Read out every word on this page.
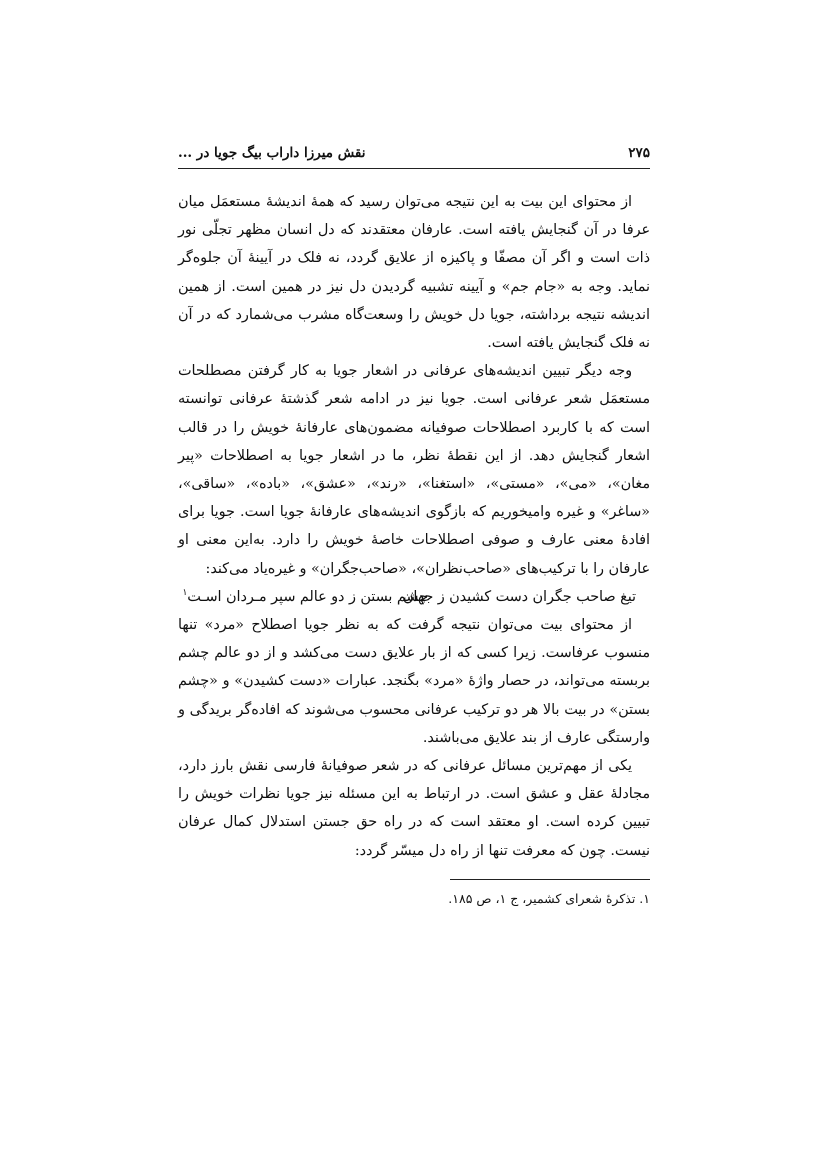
۲۷۵
نقش میرزا داراب بیگ جویا در ...

از محتوای این بیت به این نتیجه می‌توان رسید که همهٔ اندیشهٔ مستعمَل میان عرفا در آن گنجایش یافته است. عارفان معتقدند که دل انسان مظهر تجلّی نور ذات است و اگر آن مصفّا و پاکیزه از علایق گردد، نه فلک در آیینهٔ آن جلوه‌گر نماید. وجه به «جام جم» و آیینه تشبیه گردیدن دل نیز در همین است. از همین اندیشه نتیجه برداشته، جویا دل خویش را وسعت‌گاه مشرب می‌شمارد که در آن نه فلک گنجایش یافته است.

وجه دیگر تبیین اندیشه‌های عرفانی در اشعار جویا به کار گرفتن مصطلحات مستعمَل شعر عرفانی است. جویا نیز در ادامه شعر گذشتهٔ عرفانی توانسته است که با کاربرد اصطلاحات صوفیانه مضمون‌های عارفانهٔ خویش را در قالب اشعار گنجایش دهد. از این نقطهٔ نظر، ما در اشعار جویا به اصطلاحات «پیر مغان»، «می»، «مستی»، «استغنا»، «رند»، «عشق»، «باده»، «ساقی»، «ساغر» و غیره وامیخوریم که بازگوی اندیشه‌های عارفانهٔ جویا است. جویا برای افادهٔ معنی عارف و صوفی اصطلاحات خاصهٔ خویش را دارد. به‌این معنی او عارفان را با ترکیب‌های «صاحب‌نظران»، «صاحب‌جگران» و غیره‌یاد می‌کند:

تیغ صاحب جگران دست کشیدن ز جهان
چشم بستن ز دو عالم سپر مـردان اسـت$^۱$

از محتوای بیت می‌توان نتیجه گرفت که به نظر جویا اصطلاح «مرد» تنها منسوب عرفاست. زیرا کسی که از بار علایق دست می‌کشد و از دو عالم چشم بربسته می‌تواند، در حصار واژهٔ «مرد» بگنجد. عبارات «دست کشیدن» و «چشم بستن» در بیت بالا هر دو ترکیب عرفانی محسوب می‌شوند که افاده‌گر بریدگی و وارستگی عارف از بند علایق می‌باشند.

یکی از مهم‌ترین مسائل عرفانی که در شعر صوفیانهٔ فارسی نقش بارز دارد، مجادلهٔ عقل و عشق است. در ارتباط به این مسئله نیز جویا نظرات خویش را تبیین کرده است. او معتقد است که در راه حق جستن استدلال کمال عرفان نیست. چون که معرفت تنها از راه دل میسّر گردد:

۱. تذکرهٔ شعرای کشمیر، ج ۱، ص ۱۸۵.
